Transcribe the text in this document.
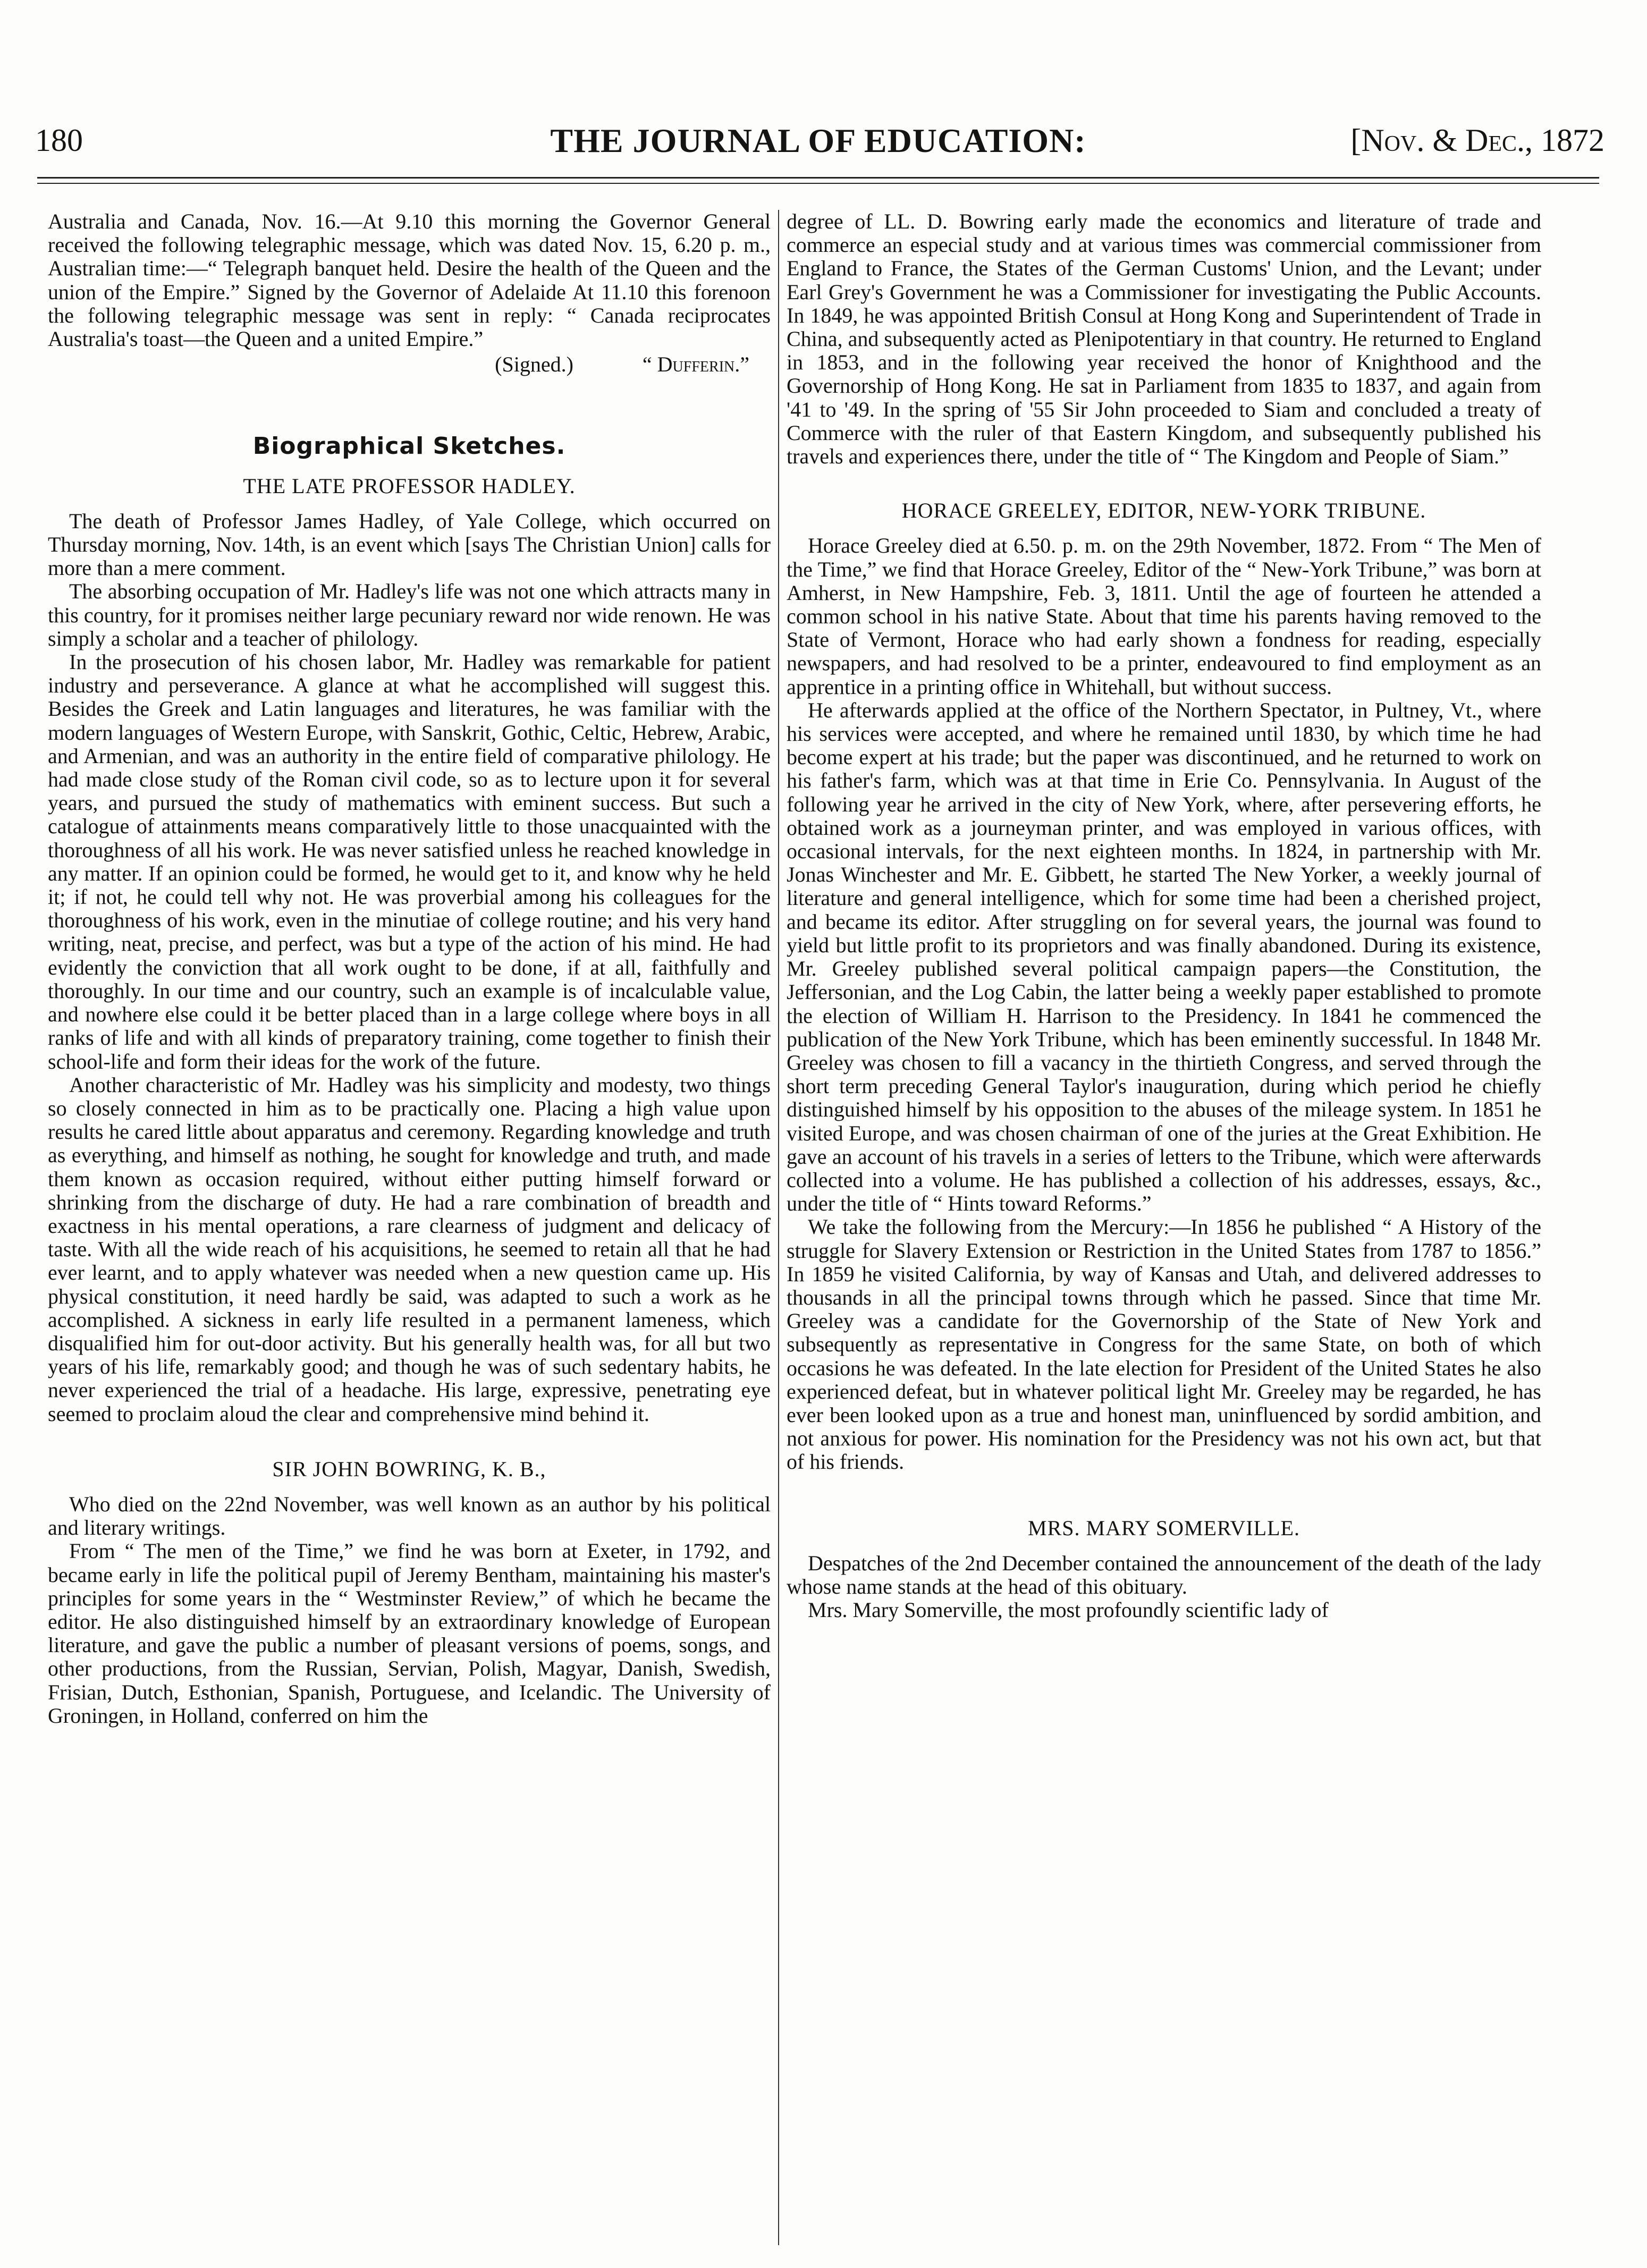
180	THE JOURNAL OF EDUCATION:	[Nov. & Dec., 1872

Australia and Canada, Nov. 16.—At 9.10 this morning the Governor General received the following telegraphic message, which was dated Nov. 15, 6.20 p. m., Australian time:—“ Telegraph banquet held. Desire the health of the Queen and the union of the Empire.” Signed by the Governor of Adelaide At 11.10 this forenoon the following telegraphic message was sent in reply: “ Canada reciprocates Australia's toast—the Queen and a united Empire.”

(Signed.)	“ Dufferin.”
Biographical Sketches.
THE LATE PROFESSOR HADLEY.

The death of Professor James Hadley, of Yale College, which occurred on Thursday morning, Nov. 14th, is an event which [says The Christian Union] calls for more than a mere comment.

The absorbing occupation of Mr. Hadley's life was not one which attracts many in this country, for it promises neither large pecuniary reward nor wide renown. He was simply a scholar and a teacher of philology.

In the prosecution of his chosen labor, Mr. Hadley was remarkable for patient industry and perseverance. A glance at what he accomplished will suggest this. Besides the Greek and Latin languages and literatures, he was familiar with the modern languages of Western Europe, with Sanskrit, Gothic, Celtic, Hebrew, Arabic, and Armenian, and was an authority in the entire field of comparative philology. He had made close study of the Roman civil code, so as to lecture upon it for several years, and pursued the study of mathematics with eminent success. But such a catalogue of attainments means comparatively little to those unacquainted with the thoroughness of all his work. He was never satisfied unless he reached knowledge in any matter. If an opinion could be formed, he would get to it, and know why he held it; if not, he could tell why not. He was proverbial among his colleagues for the thoroughness of his work, even in the minutiae of college routine; and his very hand writing, neat, precise, and perfect, was but a type of the action of his mind. He had evidently the conviction that all work ought to be done, if at all, faithfully and thoroughly. In our time and our country, such an example is of incalculable value, and nowhere else could it be better placed than in a large college where boys in all ranks of life and with all kinds of preparatory training, come together to finish their school-life and form their ideas for the work of the future.

Another characteristic of Mr. Hadley was his simplicity and modesty, two things so closely connected in him as to be practically one. Placing a high value upon results he cared little about apparatus and ceremony. Regarding knowledge and truth as everything, and himself as nothing, he sought for knowledge and truth, and made them known as occasion required, without either putting himself forward or shrinking from the discharge of duty. He had a rare combination of breadth and exactness in his mental operations, a rare clearness of judgment and delicacy of taste. With all the wide reach of his acquisitions, he seemed to retain all that he had ever learnt, and to apply whatever was needed when a new question came up. His physical constitution, it need hardly be said, was adapted to such a work as he accomplished. A sickness in early life resulted in a permanent lameness, which disqualified him for out-door activity. But his generally health was, for all but two years of his life, remarkably good; and though he was of such sedentary habits, he never experienced the trial of a headache. His large, expressive, penetrating eye seemed to proclaim aloud the clear and comprehensive mind behind it.

SIR JOHN BOWRING, K. B.,

Who died on the 22nd November, was well known as an author by his political and literary writings.

From “ The men of the Time,” we find he was born at Exeter, in 1792, and became early in life the political pupil of Jeremy Bentham, maintaining his master's principles for some years in the “ Westminster Review,” of which he became the editor. He also distinguished himself by an extraordinary knowledge of European literature, and gave the public a number of pleasant versions of poems, songs, and other productions, from the Russian, Servian, Polish, Magyar, Danish, Swedish, Frisian, Dutch, Esthonian, Spanish, Portuguese, and Icelandic. The University of Groningen, in Holland, conferred on him the

degree of LL. D. Bowring early made the economics and literature of trade and commerce an especial study and at various times was commercial commissioner from England to France, the States of the German Customs' Union, and the Levant; under Earl Grey's Government he was a Commissioner for investigating the Public Accounts. In 1849, he was appointed British Consul at Hong Kong and Superintendent of Trade in China, and subsequently acted as Plenipotentiary in that country. He returned to England in 1853, and in the following year received the honor of Knighthood and the Governorship of Hong Kong. He sat in Parliament from 1835 to 1837, and again from '41 to '49. In the spring of '55 Sir John proceeded to Siam and concluded a treaty of Commerce with the ruler of that Eastern Kingdom, and subsequently published his travels and experiences there, under the title of “ The Kingdom and People of Siam.”

HORACE GREELEY, EDITOR, NEW-YORK TRIBUNE.

Horace Greeley died at 6.50. p. m. on the 29th November, 1872. From “ The Men of the Time,” we find that Horace Greeley, Editor of the “ New-York Tribune,” was born at Amherst, in New Hampshire, Feb. 3, 1811. Until the age of fourteen he attended a common school in his native State. About that time his parents having removed to the State of Vermont, Horace who had early shown a fondness for reading, especially newspapers, and had resolved to be a printer, endeavoured to find employment as an apprentice in a printing office in Whitehall, but without success.

He afterwards applied at the office of the Northern Spectator, in Pultney, Vt., where his services were accepted, and where he remained until 1830, by which time he had become expert at his trade; but the paper was discontinued, and he returned to work on his father's farm, which was at that time in Erie Co. Pennsylvania. In August of the following year he arrived in the city of New York, where, after persevering efforts, he obtained work as a journeyman printer, and was employed in various offices, with occasional intervals, for the next eighteen months. In 1824, in partnership with Mr. Jonas Winchester and Mr. E. Gibbett, he started The New Yorker, a weekly journal of literature and general intelligence, which for some time had been a cherished project, and became its editor. After struggling on for several years, the journal was found to yield but little profit to its proprietors and was finally abandoned. During its existence, Mr. Greeley published several political campaign papers—the Constitution, the Jeffersonian, and the Log Cabin, the latter being a weekly paper established to promote the election of William H. Harrison to the Presidency. In 1841 he commenced the publication of the New York Tribune, which has been eminently successful. In 1848 Mr. Greeley was chosen to fill a vacancy in the thirtieth Congress, and served through the short term preceding General Taylor's inauguration, during which period he chiefly distinguished himself by his opposition to the abuses of the mileage system. In 1851 he visited Europe, and was chosen chairman of one of the juries at the Great Exhibition. He gave an account of his travels in a series of letters to the Tribune, which were afterwards collected into a volume. He has published a collection of his addresses, essays, &c., under the title of “ Hints toward Reforms.”

We take the following from the Mercury:—In 1856 he published “ A History of the struggle for Slavery Extension or Restriction in the United States from 1787 to 1856.” In 1859 he visited California, by way of Kansas and Utah, and delivered addresses to thousands in all the principal towns through which he passed. Since that time Mr. Greeley was a candidate for the Governorship of the State of New York and subsequently as representative in Congress for the same State, on both of which occasions he was defeated. In the late election for President of the United States he also experienced defeat, but in whatever political light Mr. Greeley may be regarded, he has ever been looked upon as a true and honest man, uninfluenced by sordid ambition, and not anxious for power. His nomination for the Presidency was not his own act, but that of his friends.

MRS. MARY SOMERVILLE.

Despatches of the 2nd December contained the announcement of the death of the lady whose name stands at the head of this obituary.

Mrs. Mary Somerville, the most profoundly scientific lady of
